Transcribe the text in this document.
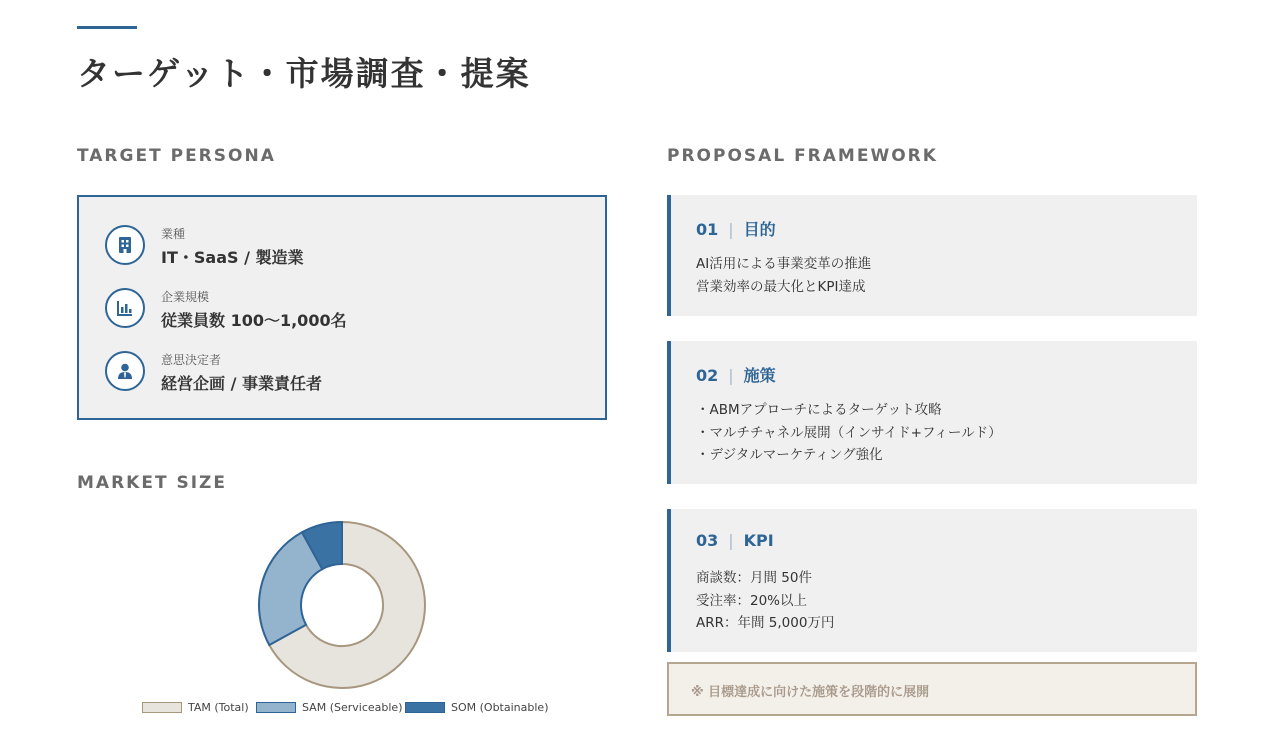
ターゲット・市場調査・提案
TARGET PERSONA
業種
IT・SaaS / 製造業
企業規模
従業員数 100〜1,000名
意思決定者
経営企画 / 事業責任者
MARKET SIZE
TAM (Total)	SAM (Serviceable)	SOM (Obtainable)
PROPOSAL FRAMEWORK
01 | 目的
AI活用による事業変革の推進
営業効率の最大化とKPI達成
02 | 施策
・ABMアプローチによるターゲット攻略
・マルチチャネル展開（インサイド+フィールド）
・デジタルマーケティング強化
03 | KPI
商談数：月間 50件
受注率：20%以上
ARR：年間 5,000万円
※ 目標達成に向けた施策を段階的に展開
